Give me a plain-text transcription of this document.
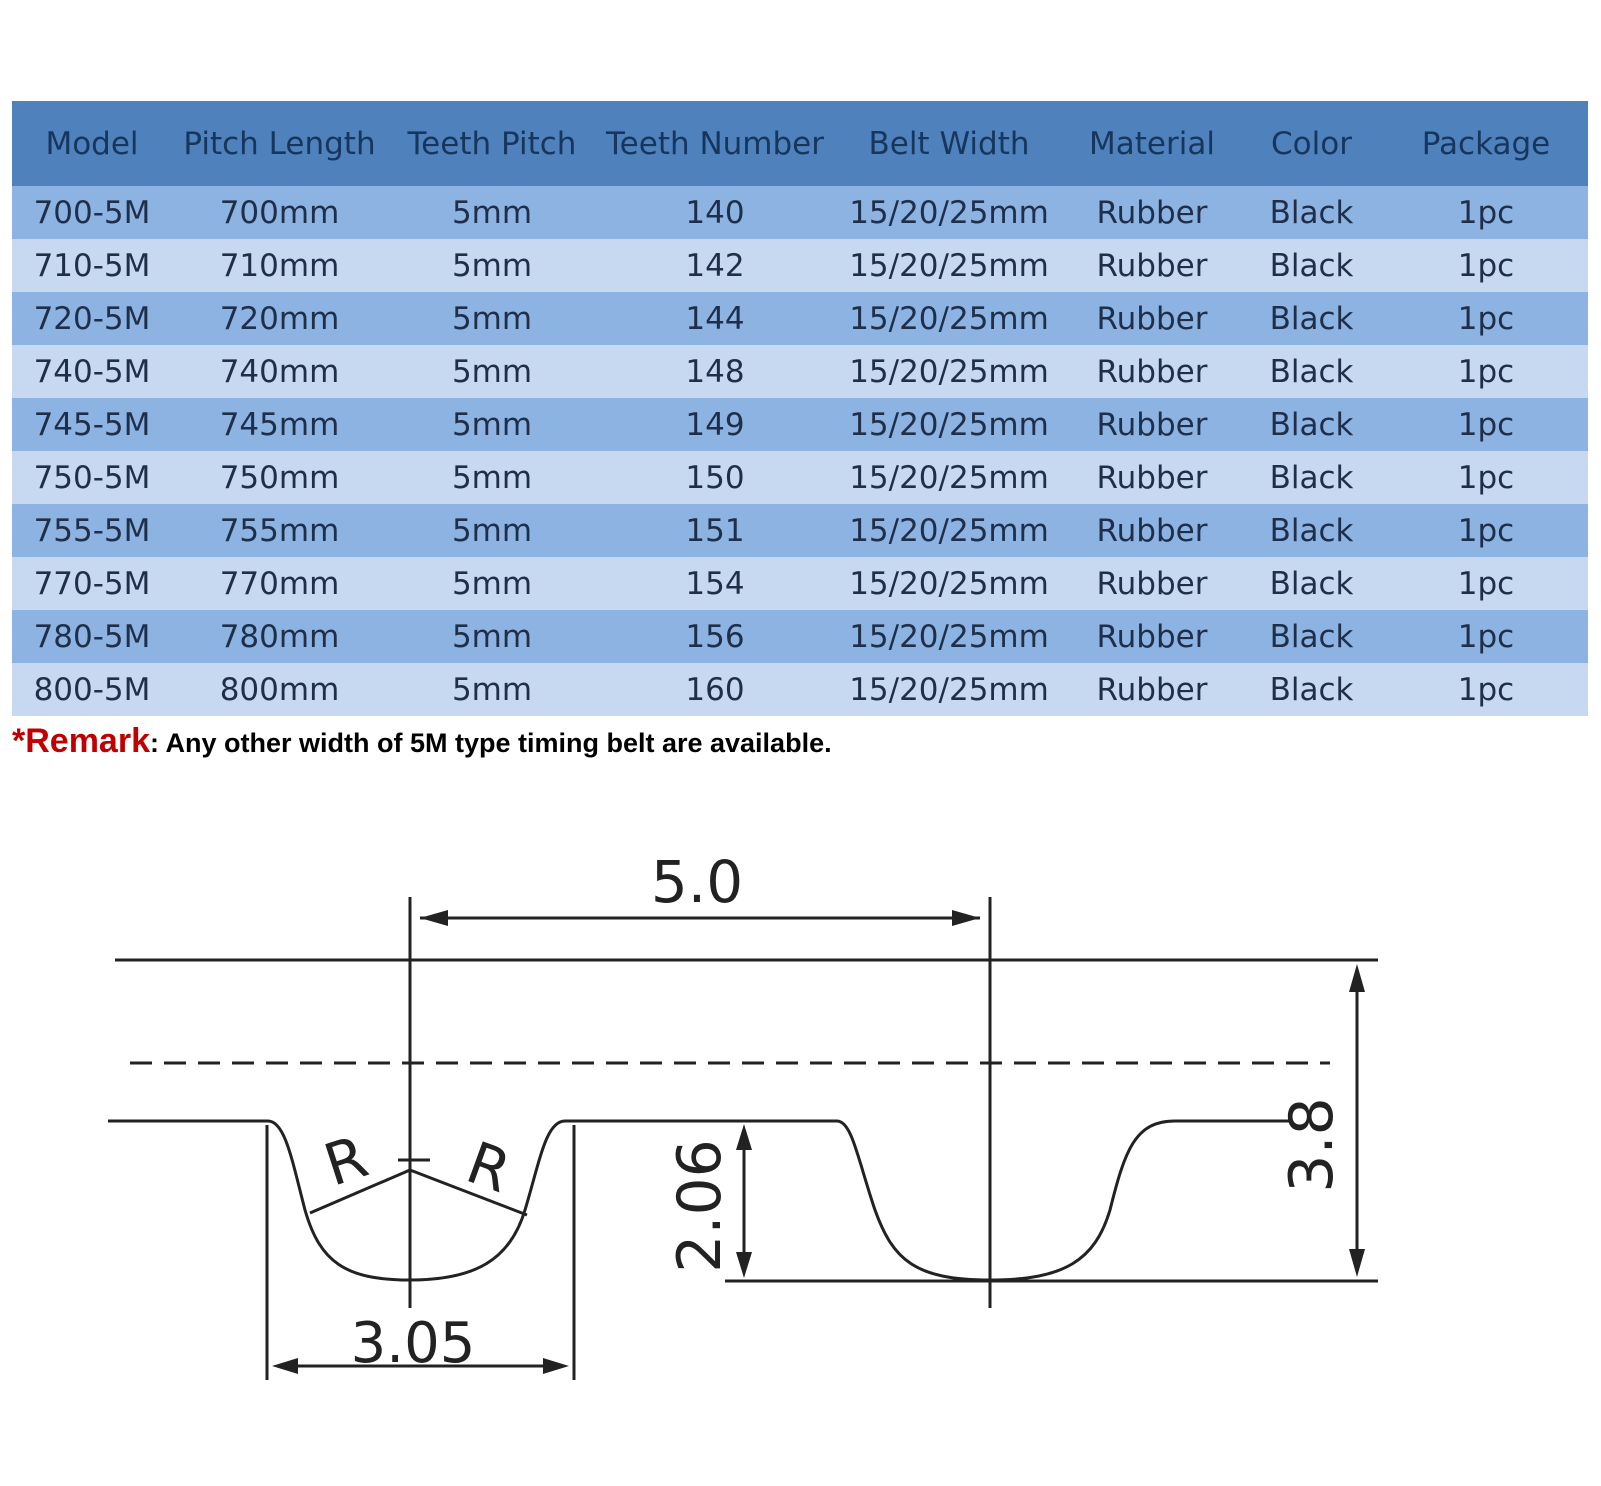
Model	Pitch Length	Teeth Pitch	Teeth Number	Belt Width	Material	Color	Package
700-5M	700mm	5mm	140	15/20/25mm	Rubber	Black	1pc
710-5M	710mm	5mm	142	15/20/25mm	Rubber	Black	1pc
720-5M	720mm	5mm	144	15/20/25mm	Rubber	Black	1pc
740-5M	740mm	5mm	148	15/20/25mm	Rubber	Black	1pc
745-5M	745mm	5mm	149	15/20/25mm	Rubber	Black	1pc
750-5M	750mm	5mm	150	15/20/25mm	Rubber	Black	1pc
755-5M	755mm	5mm	151	15/20/25mm	Rubber	Black	1pc
770-5M	770mm	5mm	154	15/20/25mm	Rubber	Black	1pc
780-5M	780mm	5mm	156	15/20/25mm	Rubber	Black	1pc
800-5M	800mm	5mm	160	15/20/25mm	Rubber	Black	1pc
*Remark: Any other width of 5M type timing belt are available.
5.0
3.05
2.06	3.8
R R
